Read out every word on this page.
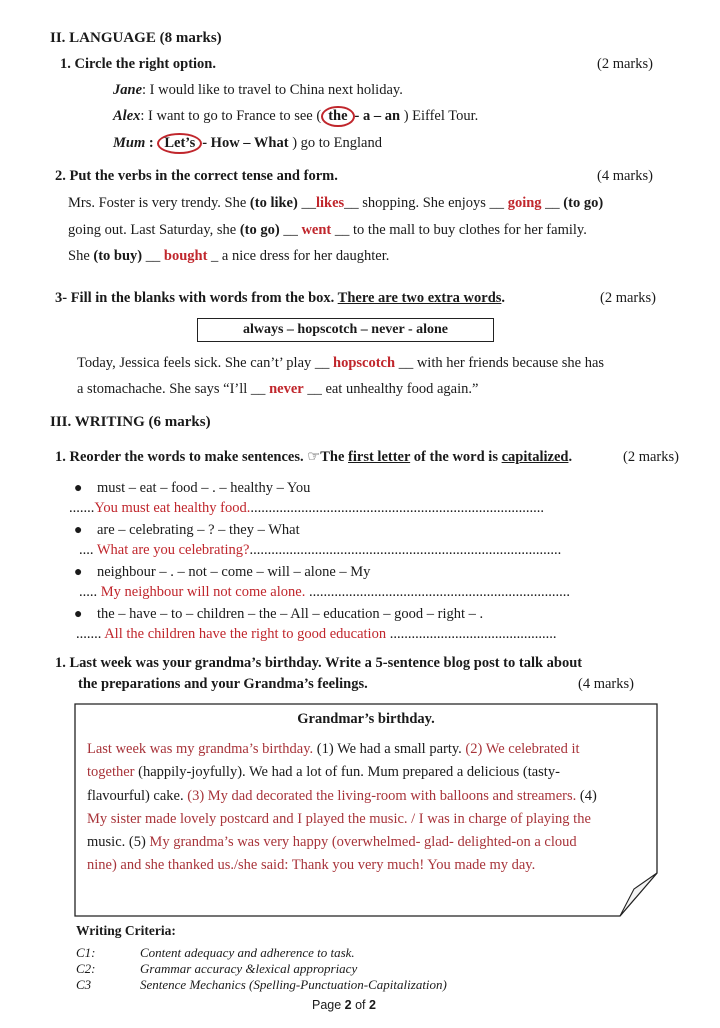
II. LANGUAGE (8 marks)
1. Circle the right option.	(2 marks)
Jane: I would like to travel to China next holiday.
Alex: I want to go to France to see ( the - a – an ) Eiffel Tour.
Mum : Let’s - How – What ) go to England
2. Put the verbs in the correct tense and form.	(4 marks)
Mrs. Foster is very trendy. She (to like) __likes__ shopping. She enjoys __ going __ (to go)
going out. Last Saturday, she (to go) __ went __ to the mall to buy clothes for her family.
She (to buy) __ bought _ a nice dress for her daughter.
3- Fill in the blanks with words from the box. There are two extra words.	(2 marks)
always – hopscotch – never - alone
Today, Jessica feels sick. She can’t’ play __ hopscotch __ with her friends because she has
a stomachache. She says “I’ll __ never __ eat unhealthy food again.”
III. WRITING (6 marks)
1. Reorder the words to make sentences. ☞The first letter of the word is capitalized.	(2 marks)
● must – eat – food – . – healthy – You
.......You must eat healthy food..................................................................................
● are – celebrating – ? – they – What
.... What are you celebrating?......................................................................................
● neighbour – . – not – come – will – alone – My
..... My neighbour will not come alone. ........................................................................
● the – have – to – children – the – All – education – good – right – .
....... All the children have the right to good education ..............................................
1. Last week was your grandma’s birthday. Write a 5-sentence blog post to talk about
the preparations and your Grandma’s feelings.	(4 marks)
Grandmar’s birthday.
Last week was my grandma’s birthday. (1) We had a small party. (2) We celebrated it
together (happily-joyfully). We had a lot of fun. Mum prepared a delicious (tasty-
flavourful) cake. (3) My dad decorated the living-room with balloons and streamers. (4)
My sister made lovely postcard and I played the music. / I was in charge of playing the
music. (5) My grandma’s was very happy (overwhelmed- glad- delighted-on a cloud
nine) and she thanked us./she said: Thank you very much! You made my day.
Writing Criteria:
C1:	Content adequacy and adherence to task.
C2:	Grammar accuracy &lexical appropriacy
C3	Sentence Mechanics (Spelling-Punctuation-Capitalization)
Page 2 of 2
